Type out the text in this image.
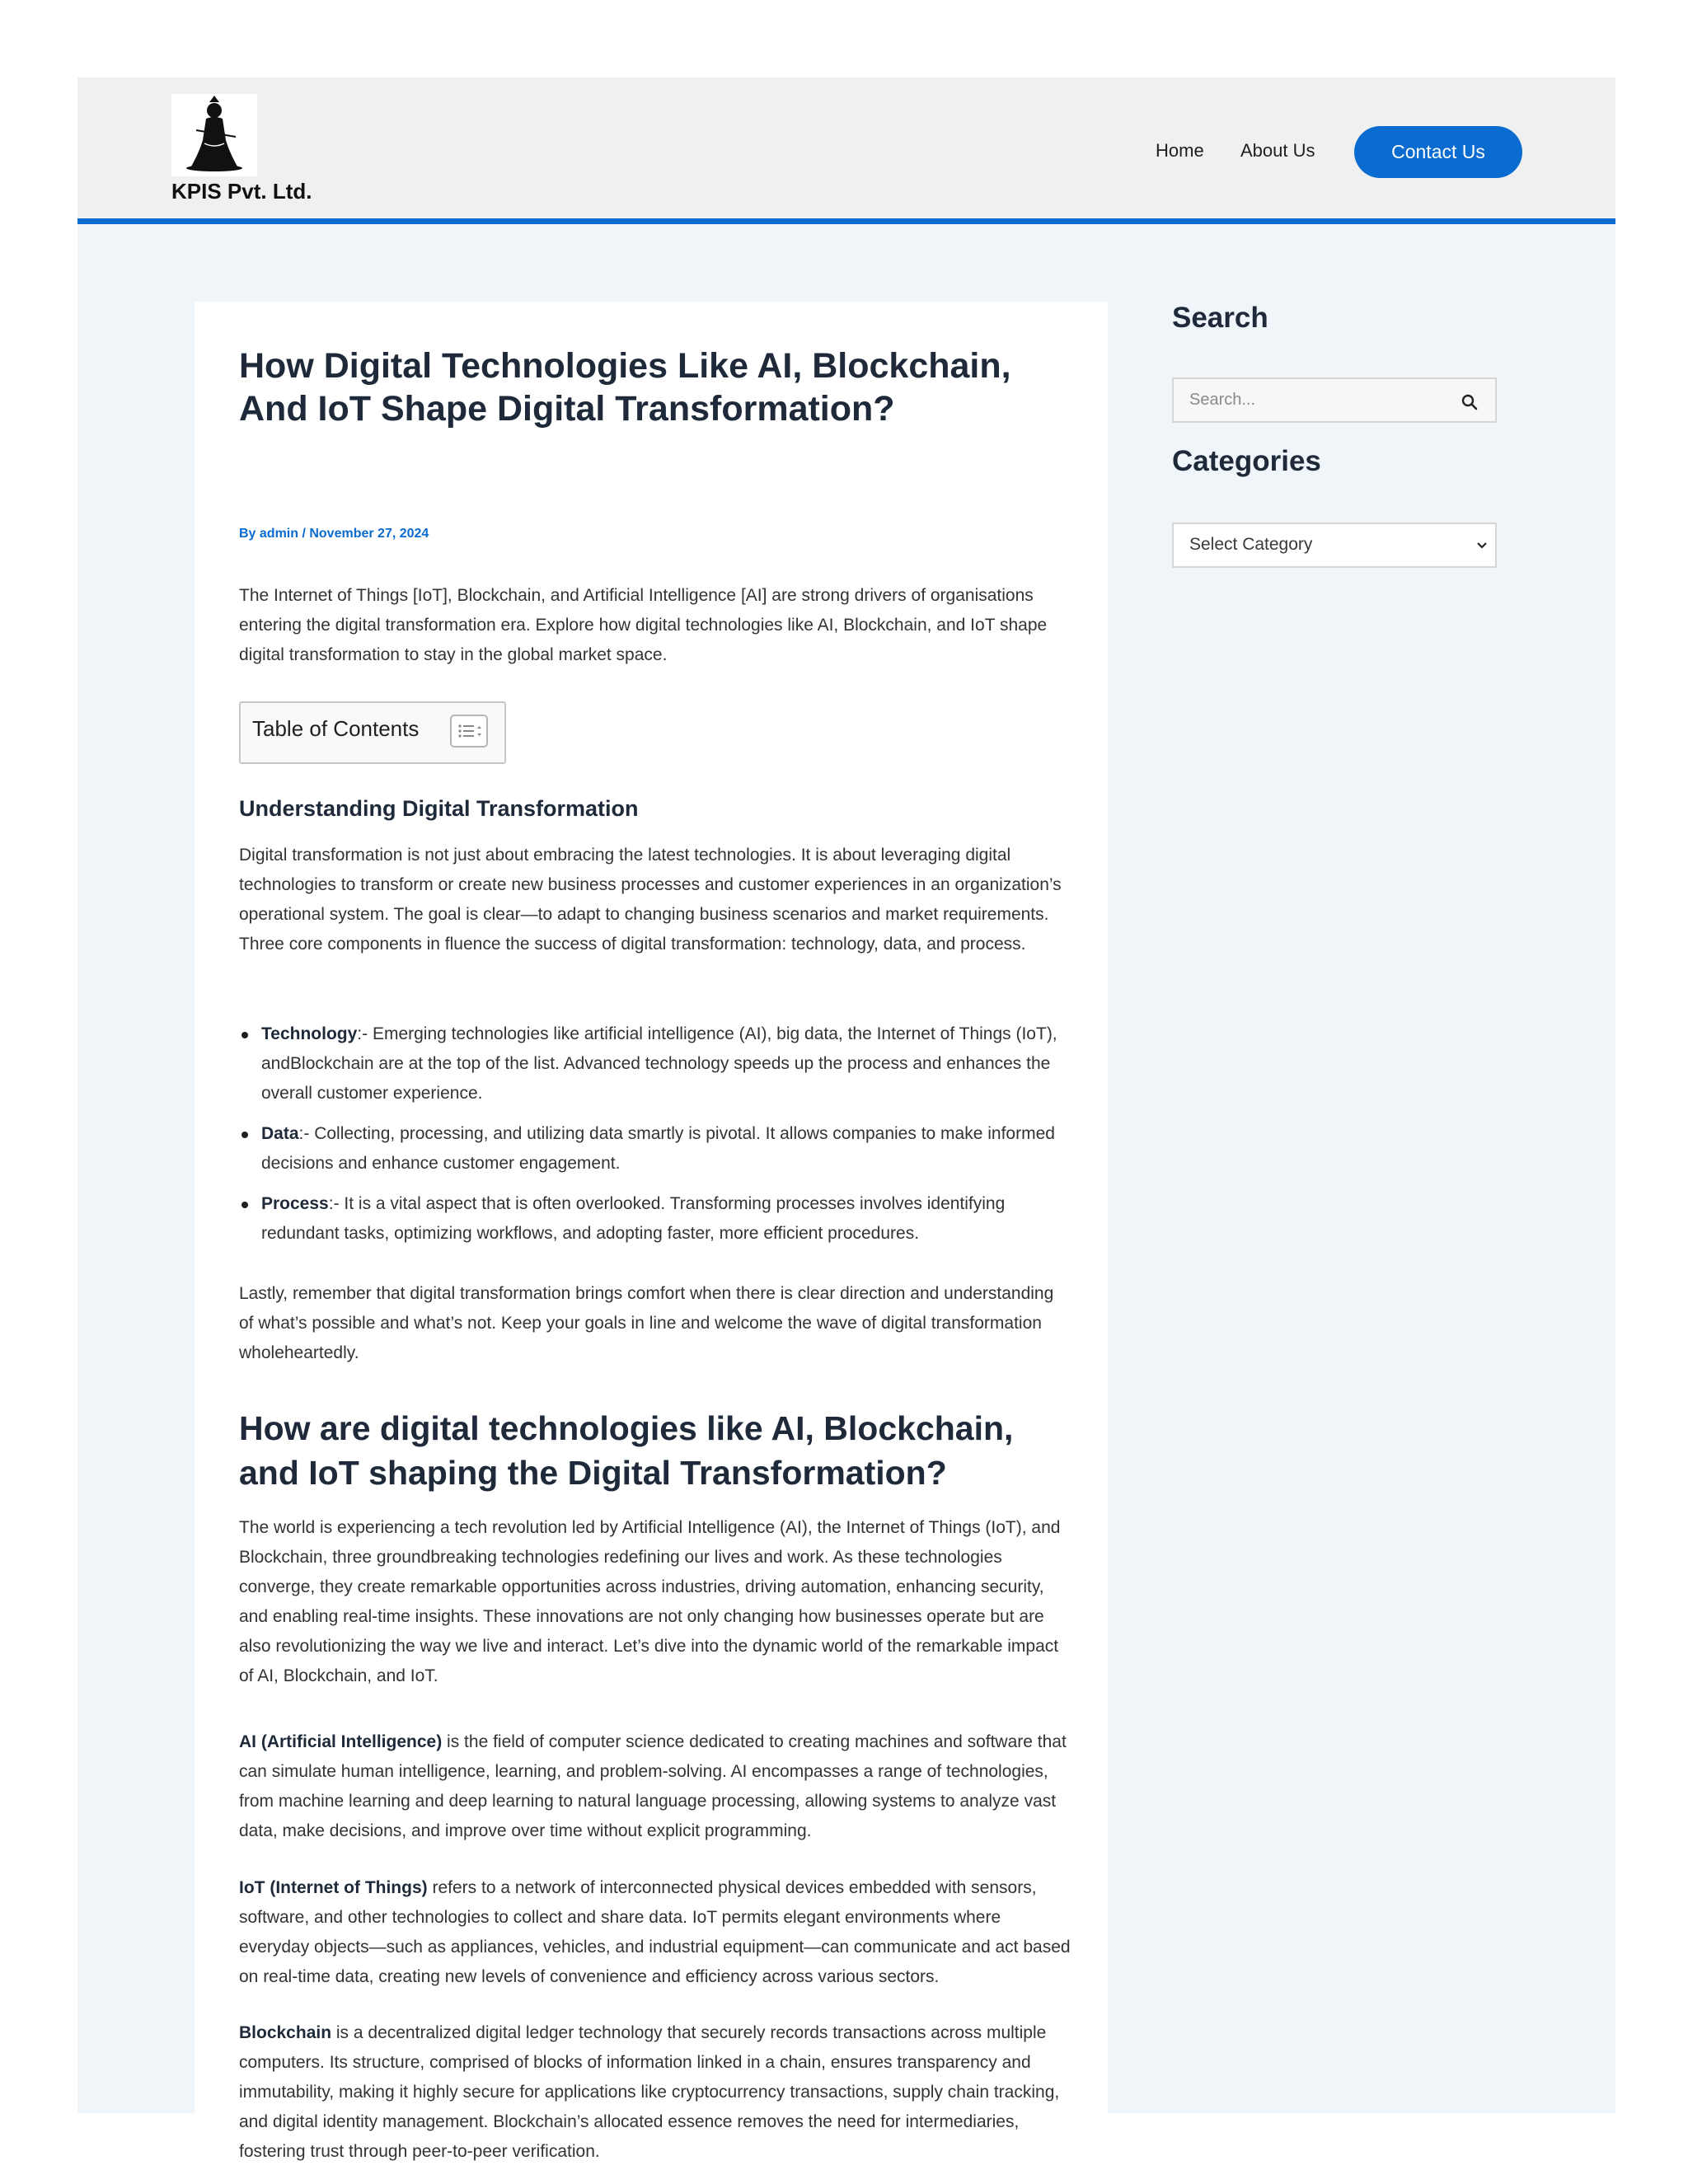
KPIS Pvt. Ltd.
Home About Us	Contact Us
How Digital Technologies Like AI, Blockchain, And IoT Shape Digital Transformation?
By admin / November 27, 2024

The Internet of Things [IoT], Blockchain, and Artificial Intelligence [AI] are strong drivers of organisations entering the digital transformation era. Explore how digital technologies like AI, Blockchain, and IoT shape digital transformation to stay in the global market space.

Table of Contents
Understanding Digital Transformation

Digital transformation is not just about embracing the latest technologies. It is about leveraging digital technologies to transform or create new business processes and customer experiences in an organization’s operational system. The goal is clear—to adapt to changing business scenarios and market requirements. Three core components in fluence the success of digital transformation: technology, data, and process.

Technology:- Emerging technologies like artificial intelligence (AI), big data, the Internet of Things (IoT), andBlockchain are at the top of the list. Advanced technology speeds up the process and enhances the overall customer experience.
Data:- Collecting, processing, and utilizing data smartly is pivotal. It allows companies to make informed decisions and enhance customer engagement.
Process:- It is a vital aspect that is often overlooked. Transforming processes involves identifying redundant tasks, optimizing workflows, and adopting faster, more efficient procedures.

Lastly, remember that digital transformation brings comfort when there is clear direction and understanding of what’s possible and what’s not. Keep your goals in line and welcome the wave of digital transformation wholeheartedly.

How are digital technologies like AI, Blockchain, and IoT shaping the Digital Transformation?

The world is experiencing a tech revolution led by Artificial Intelligence (AI), the Internet of Things (IoT), and Blockchain, three groundbreaking technologies redefining our lives and work. As these technologies converge, they create remarkable opportunities across industries, driving automation, enhancing security, and enabling real-time insights. These innovations are not only changing how businesses operate but are also revolutionizing the way we live and interact. Let’s dive into the dynamic world of the remarkable impact of AI, Blockchain, and IoT.

AI (Artificial Intelligence) is the field of computer science dedicated to creating machines and software that can simulate human intelligence, learning, and problem-solving. AI encompasses a range of technologies, from machine learning and deep learning to natural language processing, allowing systems to analyze vast data, make decisions, and improve over time without explicit programming.

IoT (Internet of Things) refers to a network of interconnected physical devices embedded with sensors, software, and other technologies to collect and share data. IoT permits elegant environments where everyday objects—such as appliances, vehicles, and industrial equipment—can communicate and act based on real-time data, creating new levels of convenience and efficiency across various sectors.

Blockchain is a decentralized digital ledger technology that securely records transactions across multiple computers. Its structure, comprised of blocks of information linked in a chain, ensures transparency and immutability, making it highly secure for applications like cryptocurrency transactions, supply chain tracking, and digital identity management. Blockchain’s allocated essence removes the need for intermediaries, fostering trust through peer-to-peer verification.

Search
Search...
Categories
Select Category
